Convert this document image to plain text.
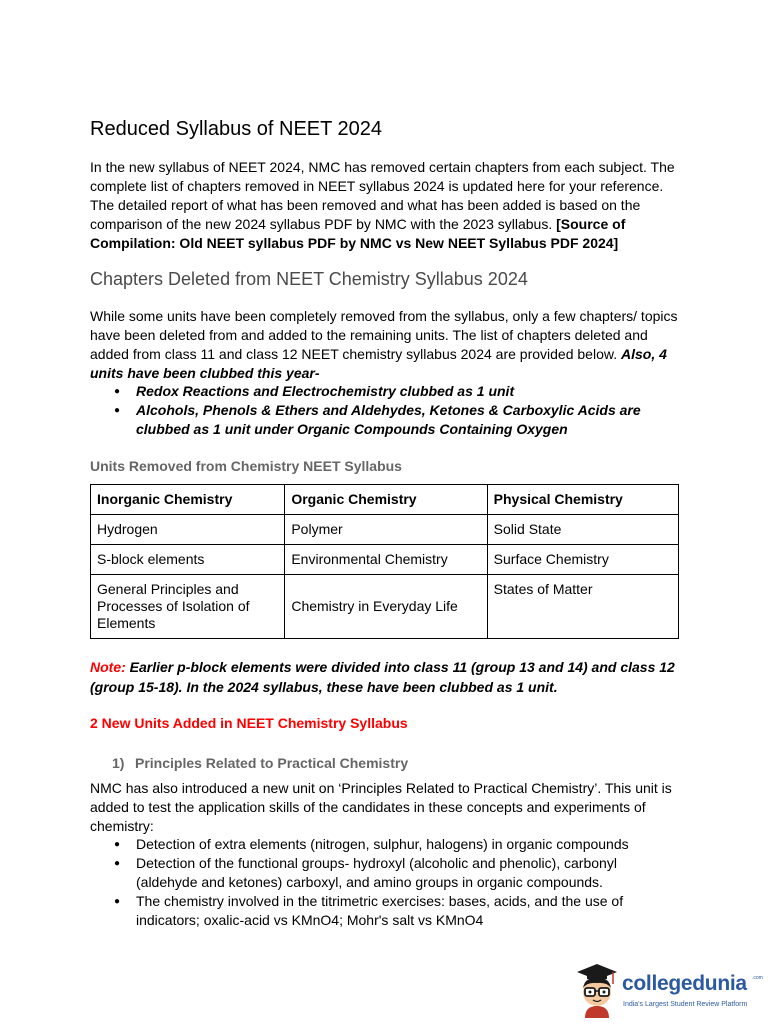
Reduced Syllabus of NEET 2024

In the new syllabus of NEET 2024, NMC has removed certain chapters from each subject. The complete list of chapters removed in NEET syllabus 2024 is updated here for your reference. The detailed report of what has been removed and what has been added is based on the comparison of the new 2024 syllabus PDF by NMC with the 2023 syllabus. [Source of Compilation: Old NEET syllabus PDF by NMC vs New NEET Syllabus PDF 2024]

Chapters Deleted from NEET Chemistry Syllabus 2024

While some units have been completely removed from the syllabus, only a few chapters/ topics have been deleted from and added to the remaining units. The list of chapters deleted and added from class 11 and class 12 NEET chemistry syllabus 2024 are provided below. Also, 4 units have been clubbed this year-

● Redox Reactions and Electrochemistry clubbed as 1 unit
● Alcohols, Phenols & Ethers and Aldehydes, Ketones & Carboxylic Acids are clubbed as 1 unit under Organic Compounds Containing Oxygen
Units Removed from Chemistry NEET Syllabus
Inorganic Chemistry	Organic Chemistry	Physical Chemistry
Hydrogen	Polymer	Solid State
S-block elements	Environmental Chemistry	Surface Chemistry
General Principles and Processes of Isolation of Elements	Chemistry in Everyday Life	States of Matter

Note: Earlier p-block elements were divided into class 11 (group 13 and 14) and class 12 (group 15-18). In the 2024 syllabus, these have been clubbed as 1 unit.

2 New Units Added in NEET Chemistry Syllabus
1) Principles Related to Practical Chemistry

NMC has also introduced a new unit on ‘Principles Related to Practical Chemistry’. This unit is added to test the application skills of the candidates in these concepts and experiments of chemistry:

● Detection of extra elements (nitrogen, sulphur, halogens) in organic compounds
● Detection of the functional groups- hydroxyl (alcoholic and phenolic), carbonyl (aldehyde and ketones) carboxyl, and amino groups in organic compounds.
● The chemistry involved in the titrimetric exercises: bases, acids, and the use of indicators; oxalic-acid vs KMnO4; Mohr's salt vs KMnO4
collegedunia .com
India's Largest Student Review Platform
